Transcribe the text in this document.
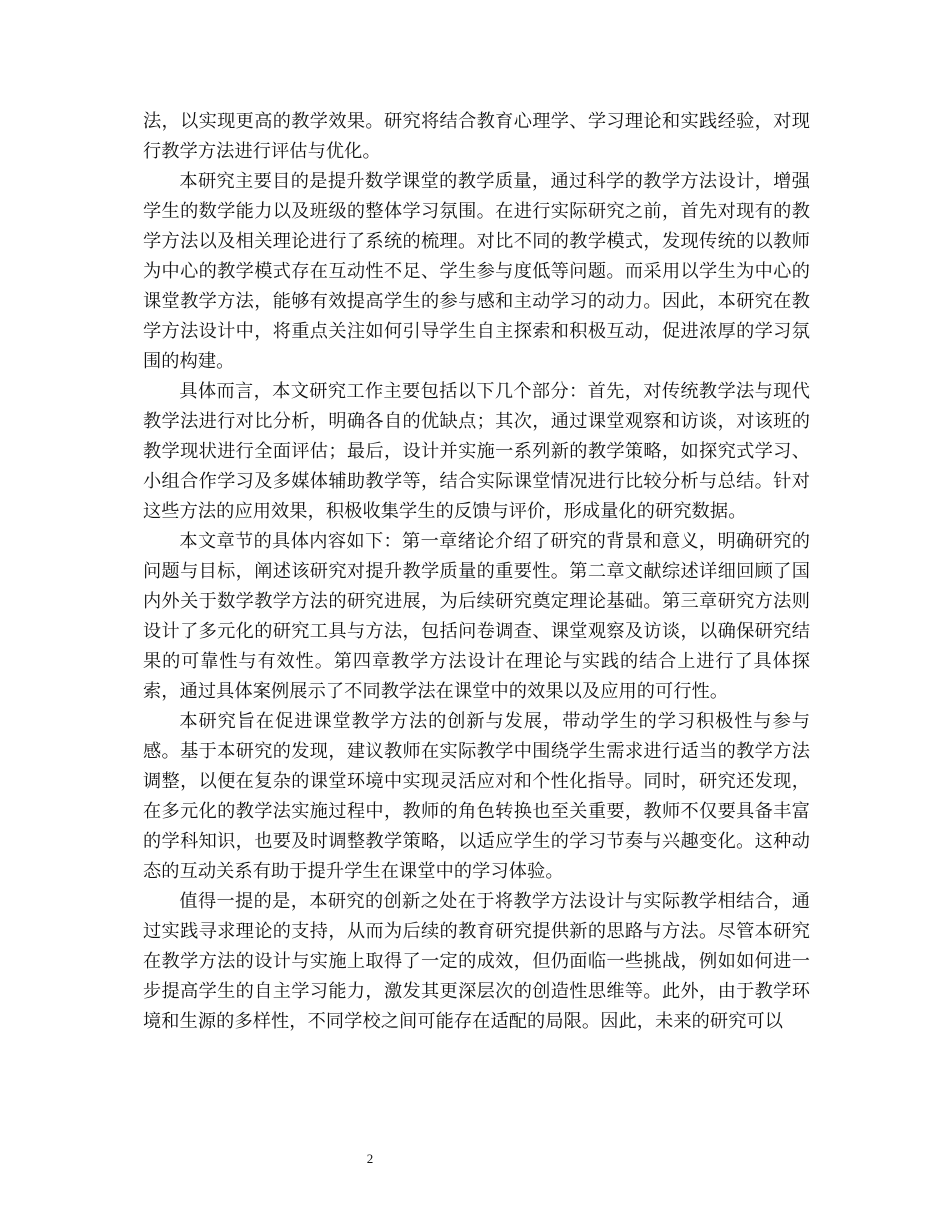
法，以实现更高的教学效果。研究将结合教育心理学、学习理论和实践经验，对现行教学方法进行评估与优化。

本研究主要目的是提升数学课堂的教学质量，通过科学的教学方法设计，增强学生的数学能力以及班级的整体学习氛围。在进行实际研究之前，首先对现有的教学方法以及相关理论进行了系统的梳理。对比不同的教学模式，发现传统的以教师为中心的教学模式存在互动性不足、学生参与度低等问题。而采用以学生为中心的课堂教学方法，能够有效提高学生的参与感和主动学习的动力。因此，本研究在教学方法设计中，将重点关注如何引导学生自主探索和积极互动，促进浓厚的学习氛围的构建。

具体而言，本文研究工作主要包括以下几个部分：首先，对传统教学法与现代教学法进行对比分析，明确各自的优缺点；其次，通过课堂观察和访谈，对该班的教学现状进行全面评估；最后，设计并实施一系列新的教学策略，如探究式学习、小组合作学习及多媒体辅助教学等，结合实际课堂情况进行比较分析与总结。针对这些方法的应用效果，积极收集学生的反馈与评价，形成量化的研究数据。

本文章节的具体内容如下：第一章绪论介绍了研究的背景和意义，明确研究的问题与目标，阐述该研究对提升教学质量的重要性。第二章文献综述详细回顾了国内外关于数学教学方法的研究进展，为后续研究奠定理论基础。第三章研究方法则设计了多元化的研究工具与方法，包括问卷调查、课堂观察及访谈，以确保研究结果的可靠性与有效性。第四章教学方法设计在理论与实践的结合上进行了具体探索，通过具体案例展示了不同教学法在课堂中的效果以及应用的可行性。

本研究旨在促进课堂教学方法的创新与发展，带动学生的学习积极性与参与感。基于本研究的发现，建议教师在实际教学中围绕学生需求进行适当的教学方法调整，以便在复杂的课堂环境中实现灵活应对和个性化指导。同时，研究还发现，在多元化的教学法实施过程中，教师的角色转换也至关重要，教师不仅要具备丰富的学科知识，也要及时调整教学策略，以适应学生的学习节奏与兴趣变化。这种动态的互动关系有助于提升学生在课堂中的学习体验。

值得一提的是，本研究的创新之处在于将教学方法设计与实际教学相结合，通过实践寻求理论的支持，从而为后续的教育研究提供新的思路与方法。尽管本研究在教学方法的设计与实施上取得了一定的成效，但仍面临一些挑战，例如如何进一步提高学生的自主学习能力，激发其更深层次的创造性思维等。此外，由于教学环境和生源的多样性，不同学校之间可能存在适配的局限。因此，未来的研究可以

2
